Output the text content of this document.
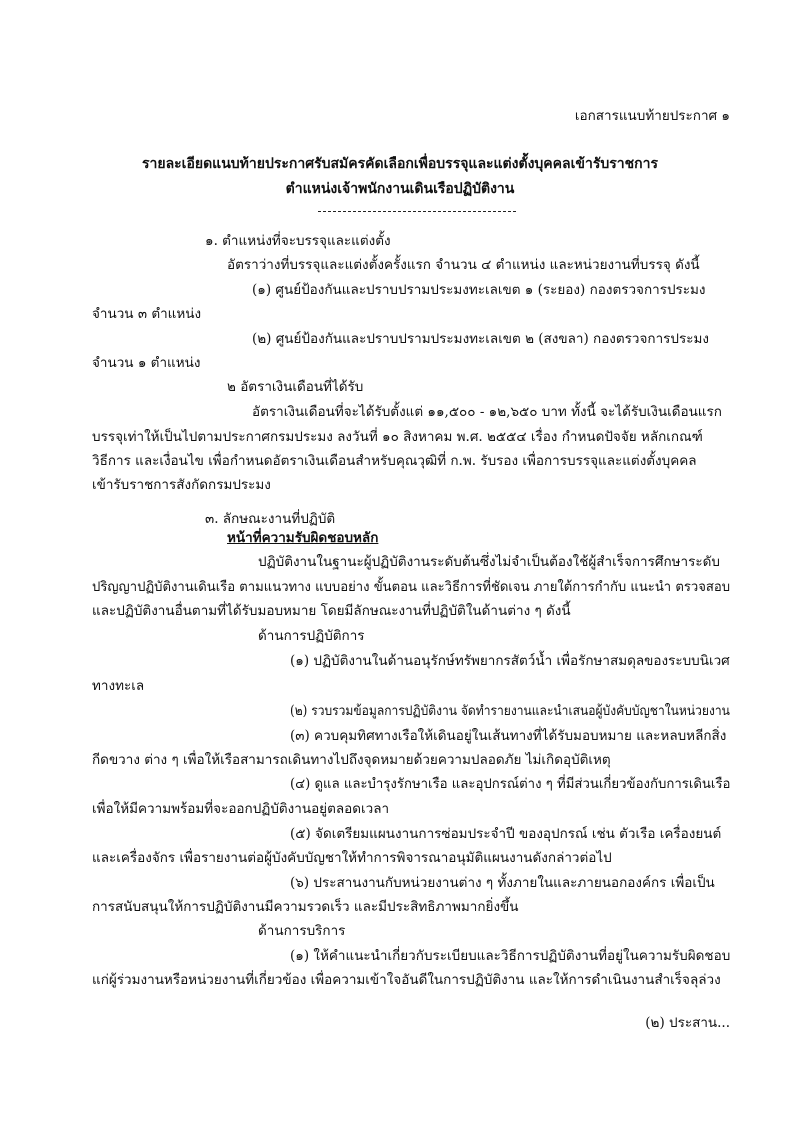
เอกสารแนบท้ายประกาศ ๑
รายละเอียดแนบท้ายประกาศรับสมัครคัดเลือกเพื่อบรรจุและแต่งตั้งบุคคลเข้ารับราชการ
ตำแหน่งเจ้าพนักงานเดินเรือปฏิบัติงาน
๑. ตำแหน่งที่จะบรรจุและแต่งตั้ง
อัตราว่างที่บรรจุและแต่งตั้งครั้งแรก จำนวน ๔ ตำแหน่ง และหน่วยงานที่บรรจุ ดังนี้
(๑) ศูนย์ป้องกันและปราบปรามประมงทะเลเขต ๑ (ระยอง) กองตรวจการประมง
จำนวน ๓ ตำแหน่ง
(๒) ศูนย์ป้องกันและปราบปรามประมงทะเลเขต ๒ (สงขลา) กองตรวจการประมง
จำนวน ๑ ตำแหน่ง
๒ อัตราเงินเดือนที่ได้รับ
อัตราเงินเดือนที่จะได้รับตั้งแต่ ๑๑,๕๐๐ - ๑๒,๖๕๐ บาท ทั้งนี้ จะได้รับเงินเดือนแรก
บรรจุเท่าให้เป็นไปตามประกาศกรมประมง ลงวันที่ ๑๐ สิงหาคม พ.ศ. ๒๕๕๔ เรื่อง กำหนดปัจจัย หลักเกณฑ์
วิธีการ และเงื่อนไข เพื่อกำหนดอัตราเงินเดือนสำหรับคุณวุฒิที่ ก.พ. รับรอง เพื่อการบรรจุและแต่งตั้งบุคคล
เข้ารับราชการสังกัดกรมประมง
๓. ลักษณะงานที่ปฏิบัติ
หน้าที่ความรับผิดชอบหลัก
ปฏิบัติงานในฐานะผู้ปฏิบัติงานระดับต้นซึ่งไม่จำเป็นต้องใช้ผู้สำเร็จการศึกษาระดับ
ปริญญาปฏิบัติงานเดินเรือ ตามแนวทาง แบบอย่าง ขั้นตอน และวิธีการที่ชัดเจน ภายใต้การกำกับ แนะนำ ตรวจสอบ
และปฏิบัติงานอื่นตามที่ได้รับมอบหมาย โดยมีลักษณะงานที่ปฏิบัติในด้านต่าง ๆ ดังนี้
ด้านการปฏิบัติการ
(๑) ปฏิบัติงานในด้านอนุรักษ์ทรัพยากรสัตว์น้ำ เพื่อรักษาสมดุลของระบบนิเวศ
ทางทะเล
(๒) รวบรวมข้อมูลการปฏิบัติงาน จัดทำรายงานและนำเสนอผู้บังคับบัญชาในหน่วยงาน
(๓) ควบคุมทิศทางเรือให้เดินอยู่ในเส้นทางที่ได้รับมอบหมาย และหลบหลีกสิ่ง
กีดขวาง ต่าง ๆ เพื่อให้เรือสามารถเดินทางไปถึงจุดหมายด้วยความปลอดภัย ไม่เกิดอุบัติเหตุ
(๔) ดูแล และบำรุงรักษาเรือ และอุปกรณ์ต่าง ๆ ที่มีส่วนเกี่ยวข้องกับการเดินเรือ
เพื่อให้มีความพร้อมที่จะออกปฏิบัติงานอยู่ตลอดเวลา
(๕) จัดเตรียมแผนงานการซ่อมประจำปี ของอุปกรณ์ เช่น ตัวเรือ เครื่องยนต์
และเครื่องจักร เพื่อรายงานต่อผู้บังคับบัญชาให้ทำการพิจารณาอนุมัติแผนงานดังกล่าวต่อไป
(๖) ประสานงานกับหน่วยงานต่าง ๆ ทั้งภายในและภายนอกองค์กร เพื่อเป็น
การสนับสนุนให้การปฏิบัติงานมีความรวดเร็ว และมีประสิทธิภาพมากยิ่งขึ้น
ด้านการบริการ
(๑) ให้คำแนะนำเกี่ยวกับระเบียบและวิธีการปฏิบัติงานที่อยู่ในความรับผิดชอบ
แก่ผู้ร่วมงานหรือหน่วยงานที่เกี่ยวข้อง เพื่อความเข้าใจอันดีในการปฏิบัติงาน และให้การดำเนินงานสำเร็จลุล่วง
(๒) ประสาน...
